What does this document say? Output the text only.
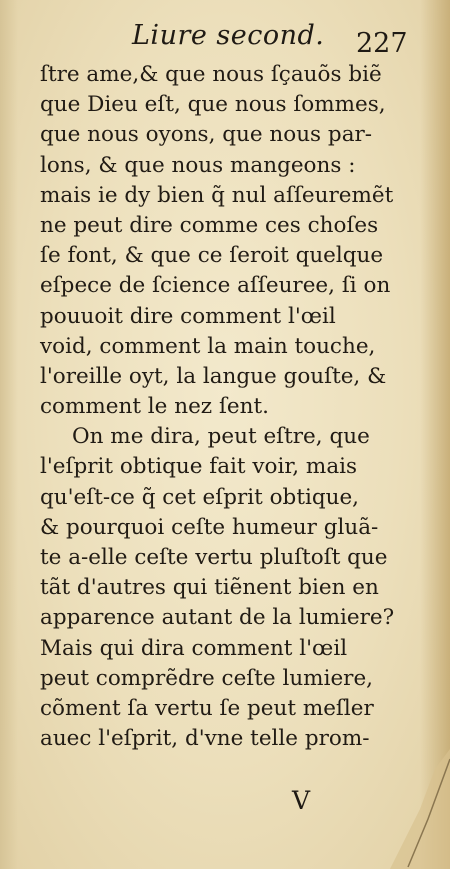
Liure second. 227
ſtre ame,& que nous ſçauõs biẽ
que Dieu eſt, que nous ſommes,
que nous oyons, que nous par-
lons, & que nous mangeons :
mais ie dy bien q̃ nul aſſeuremẽt
ne peut dire comme ces choſes
ſe font, & que ce ſeroit quelque
eſpece de ſcience aſſeuree, ſi on
pouuoit dire comment l'œil
void, comment la main touche,
l'oreille oyt, la langue gouſte, &
comment le nez ſent.
On me dira, peut eſtre, que
l'eſprit obtique fait voir, mais
qu'eſt-ce q̃ cet eſprit obtique,
& pourquoi ceſte humeur gluã-
te a-elle ceſte vertu pluſtoſt que
tãt d'autres qui tiẽnent bien en
apparence autant de la lumiere?
Mais qui dira comment l'œil
peut comprẽdre ceſte lumiere,
cõment ſa vertu ſe peut meſler
auec l'eſprit, d'vne telle prom-
V
